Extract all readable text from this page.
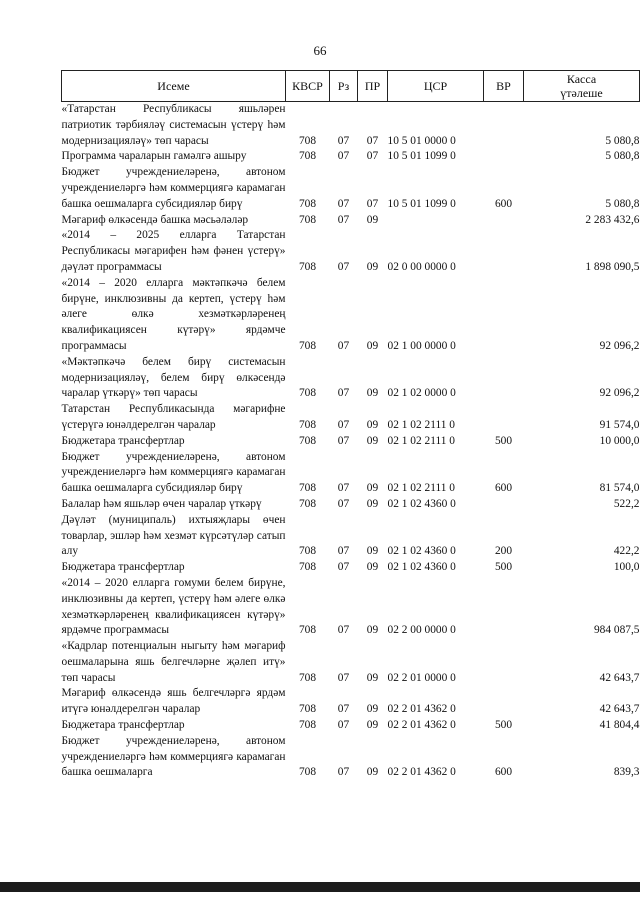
66
Исеме	КВСР	Рз	ПР	ЦСР	ВР	Касса
үтәлеше
«Татарстан Республикасы яшьләрен патриотик тәрбияләү системасын үстерү һәм модернизацияләү» төп чарасы	708	07	07	10 5 01 0000 0		5 080,8
Программа чараларын гамәлгә ашыру	708	07	07	10 5 01 1099 0		5 080,8
Бюджет учреждениеләренә, автоном учреждениеләргә һәм коммерциягә карамаган башка оешмаларга субсидияләр бирү	708	07	07	10 5 01 1099 0	600	5 080,8
Мәгариф өлкәсендә башка мәсьәләләр	708	07	09			2 283 432,6
«2014 – 2025 елларга Татарстан Республикасы мәгарифен һәм фәнен үстерү» дәүләт программасы	708	07	09	02 0 00 0000 0		1 898 090,5
«2014 – 2020 елларга мәктәпкәчә белем бирүне, инклюзивны да кертеп, үстерү һәм әлеге өлкә хезмәткәрләренең квалификациясен күтәрү» ярдәмче программасы	708	07	09	02 1 00 0000 0		92 096,2
«Мәктәпкәчә белем бирү системасын модернизацияләү, белем бирү өлкәсендә чаралар үткәрү» төп чарасы	708	07	09	02 1 02 0000 0		92 096,2
Татарстан Республикасында мәгарифне үстерүгә юнәлдерелгән чаралар	708	07	09	02 1 02 2111 0		91 574,0
Бюджетара трансфертлар	708	07	09	02 1 02 2111 0	500	10 000,0
Бюджет учреждениеләренә, автоном учреждениеләргә һәм коммерциягә карамаган башка оешмаларга субсидияләр бирү	708	07	09	02 1 02 2111 0	600	81 574,0
Балалар һәм яшьләр өчен чаралар үткәрү	708	07	09	02 1 02 4360 0		522,2
Дәүләт (муниципаль) ихтыяҗлары өчен товарлар, эшләр һәм хезмәт күрсәтүләр сатып алу	708	07	09	02 1 02 4360 0	200	422,2
Бюджетара трансфертлар	708	07	09	02 1 02 4360 0	500	100,0
«2014 – 2020 елларга гомуми белем бирүне, инклюзивны да кертеп, үстерү һәм әлеге өлкә хезмәткәрләренең квалификациясен күтәрү» ярдәмче программасы	708	07	09	02 2 00 0000 0		984 087,5
«Кадрлар потенциалын ныгыту һәм мәгариф оешмаларына яшь белгечләрне җәлеп итү» төп чарасы	708	07	09	02 2 01 0000 0		42 643,7
Мәгариф өлкәсендә яшь белгечләргә ярдәм итүгә юнәлдерелгән чаралар	708	07	09	02 2 01 4362 0		42 643,7
Бюджетара трансфертлар	708	07	09	02 2 01 4362 0	500	41 804,4
Бюджет учреждениеләренә, автоном учреждениеләргә һәм коммерциягә карамаган башка оешмаларга	708	07	09	02 2 01 4362 0	600	839,3
